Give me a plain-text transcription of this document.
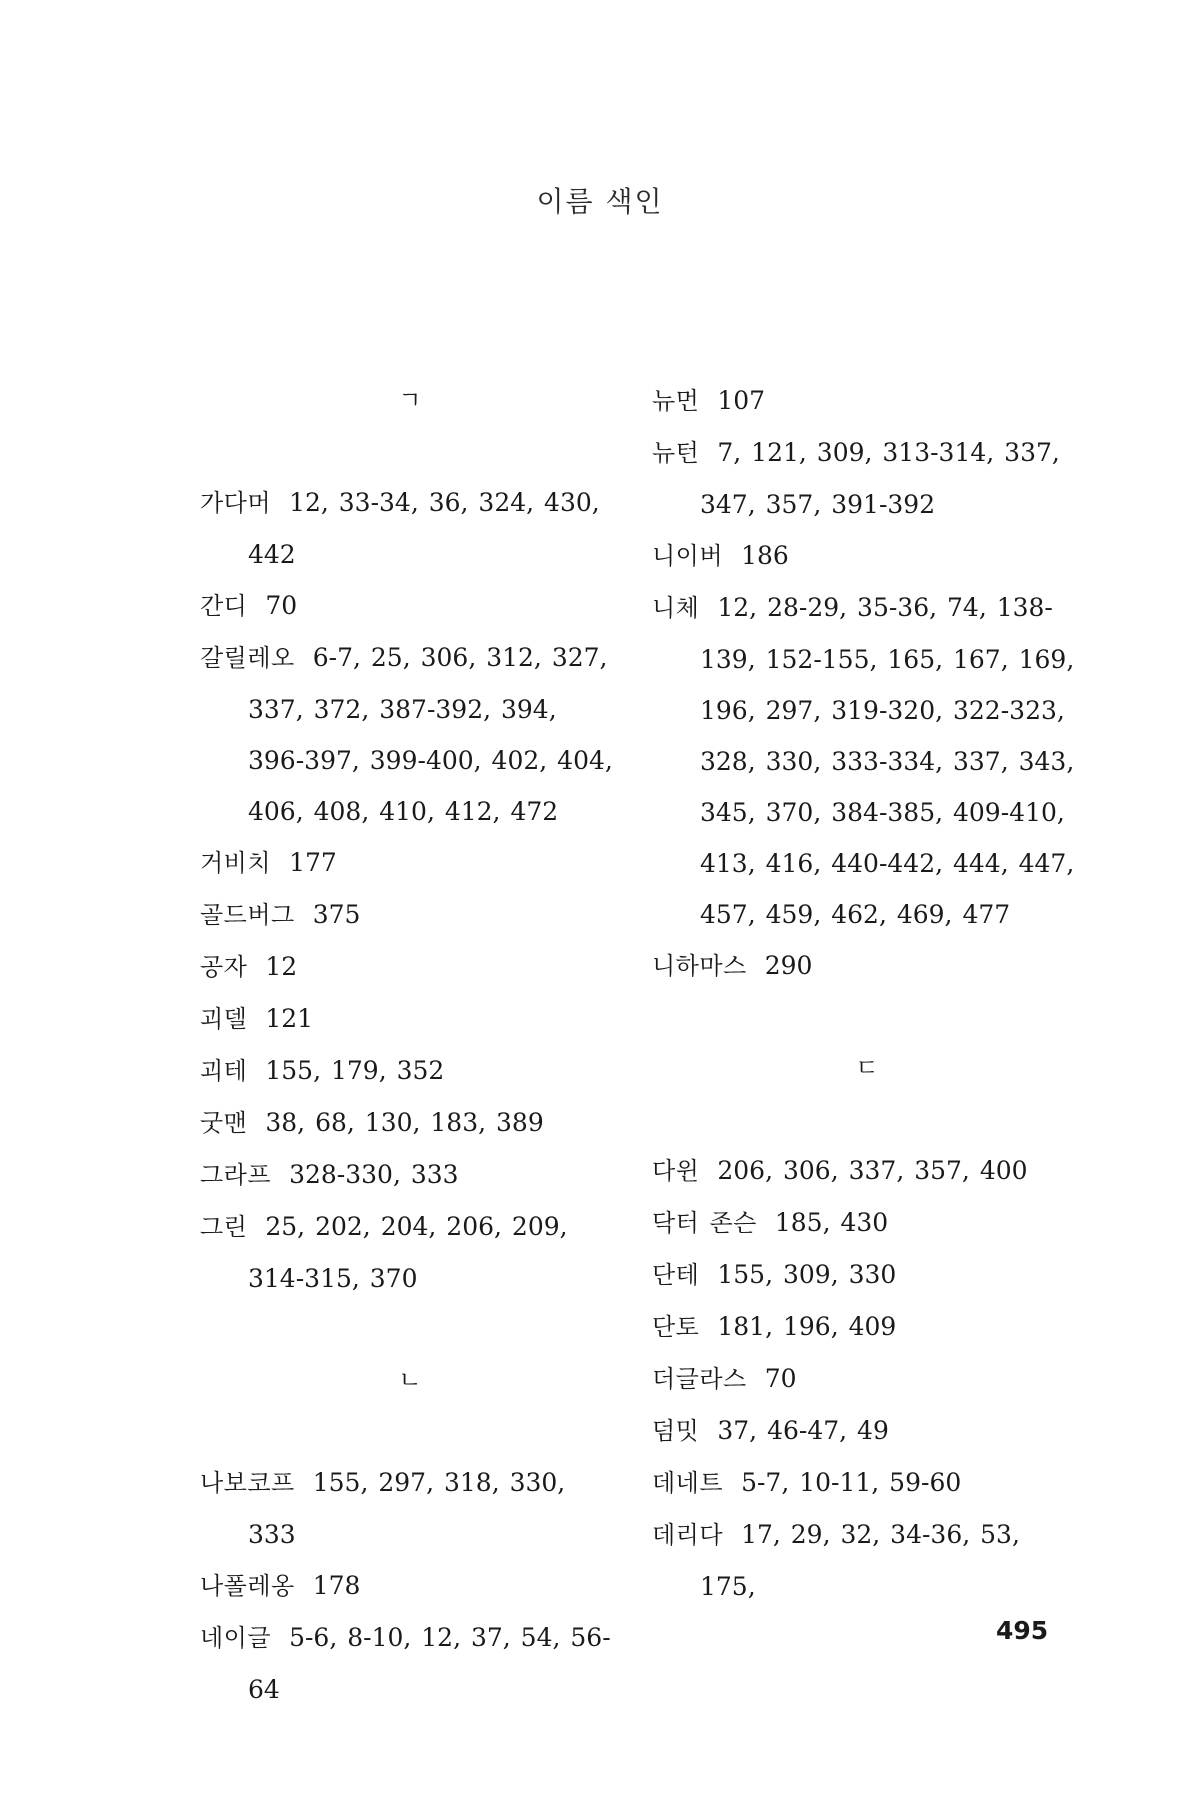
이름 색인
ㄱ

가다머 12, 33-34, 36, 324, 430, 442

간디 70

갈릴레오 6-7, 25, 306, 312, 327, 337, 372, 387-392, 394, 396-397, 399-400, 402, 404, 406, 408, 410, 412, 472

거비치 177

골드버그 375

공자 12

괴델 121

괴테 155, 179, 352

굿맨 38, 68, 130, 183, 389

그라프 328-330, 333

그린 25, 202, 204, 206, 209, 314-315, 370

ㄴ

나보코프 155, 297, 318, 330, 333

나폴레옹 178

네이글 5-6, 8-10, 12, 37, 54, 56-64

뉴먼 107

뉴턴 7, 121, 309, 313-314, 337, 347, 357, 391-392

니이버 186

니체 12, 28-29, 35-36, 74, 138-139, 152-155, 165, 167, 169, 196, 297, 319-320, 322-323, 328, 330, 333-334, 337, 343, 345, 370, 384-385, 409-410, 413, 416, 440-442, 444, 447, 457, 459, 462, 469, 477

니하마스 290

ㄷ

다윈 206, 306, 337, 357, 400

닥터 존슨 185, 430

단테 155, 309, 330

단토 181, 196, 409

더글라스 70

덤밋 37, 46-47, 49

데네트 5-7, 10-11, 59-60

데리다 17, 29, 32, 34-36, 53, 175,

495
